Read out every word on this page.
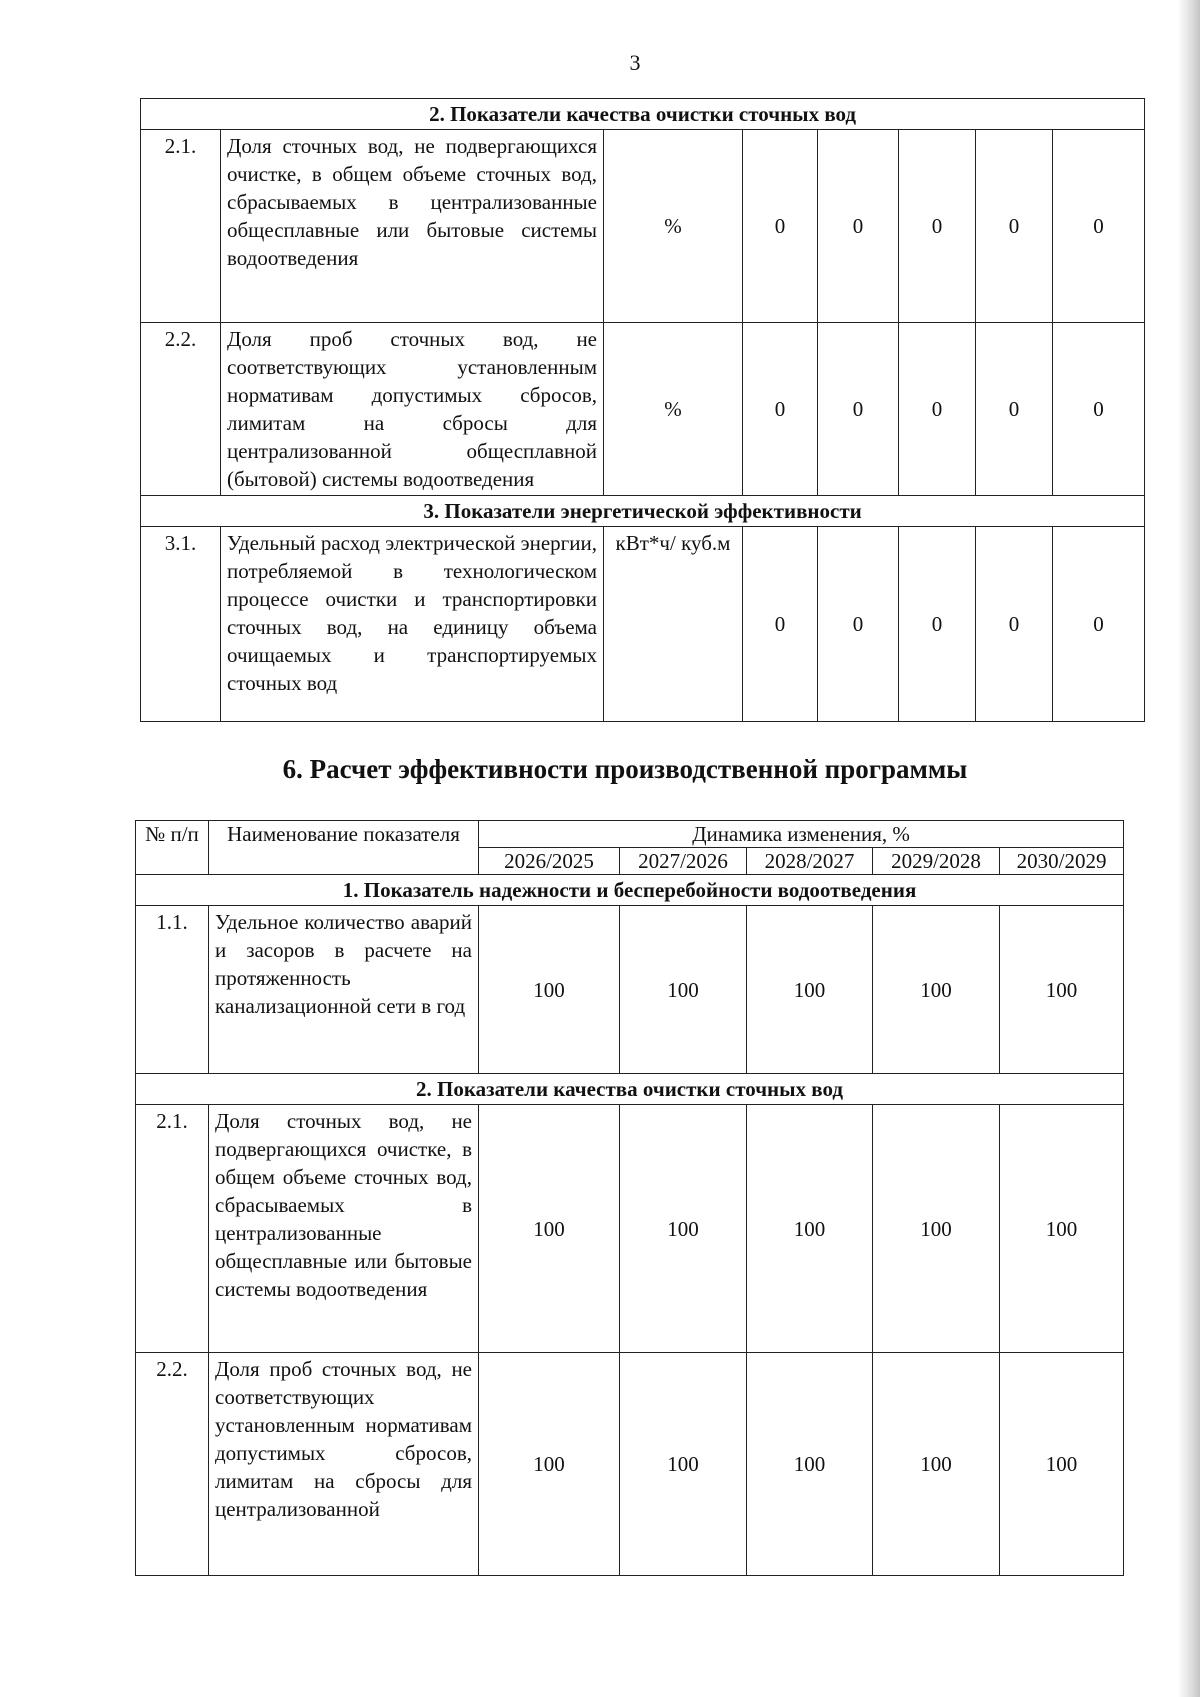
3
2. Показатели качества очистки сточных вод							
2.1.	Доля сточных вод, не подвергающихся очистке, в общем объеме сточных вод, сбрасываемых в централизованные общесплавные или бытовые системы водоотведения	%	0	0	0	0	0
2.2.	Доля проб сточных вод, не соответствующих установленным нормативам допустимых сбросов, лимитам на сбросы для централизованной общесплавной (бытовой) системы водоотведения	%	0	0	0	0	0
3. Показатели энергетической эффективности							
3.1.	Удельный расход электрической энергии, потребляемой в технологическом процессе очистки и транспортировки сточных вод, на единицу объема очищаемых и транспортируемых сточных вод	кВт*ч/ куб.м	0	0	0	0	0
6. Расчет эффективности производственной программы
№ п/п	Наименование показателя	Динамика изменения, %				
		2026/2025	2027/2026	2028/2027	2029/2028	2030/2029
1. Показатель надежности и бесперебойности водоотведения						
1.1.	Удельное количество аварий и засоров в расчете на протяженность канализационной сети в год	100	100	100	100	100
2. Показатели качества очистки сточных вод						
2.1.	Доля сточных вод, не подвергающихся очистке, в общем объеме сточных вод, сбрасываемых в централизованные общесплавные или бытовые системы водоотведения	100	100	100	100	100
2.2.	Доля проб сточных вод, не соответствующих установленным нормативам допустимых сбросов, лимитам на сбросы для централизованной	100	100	100	100	100
